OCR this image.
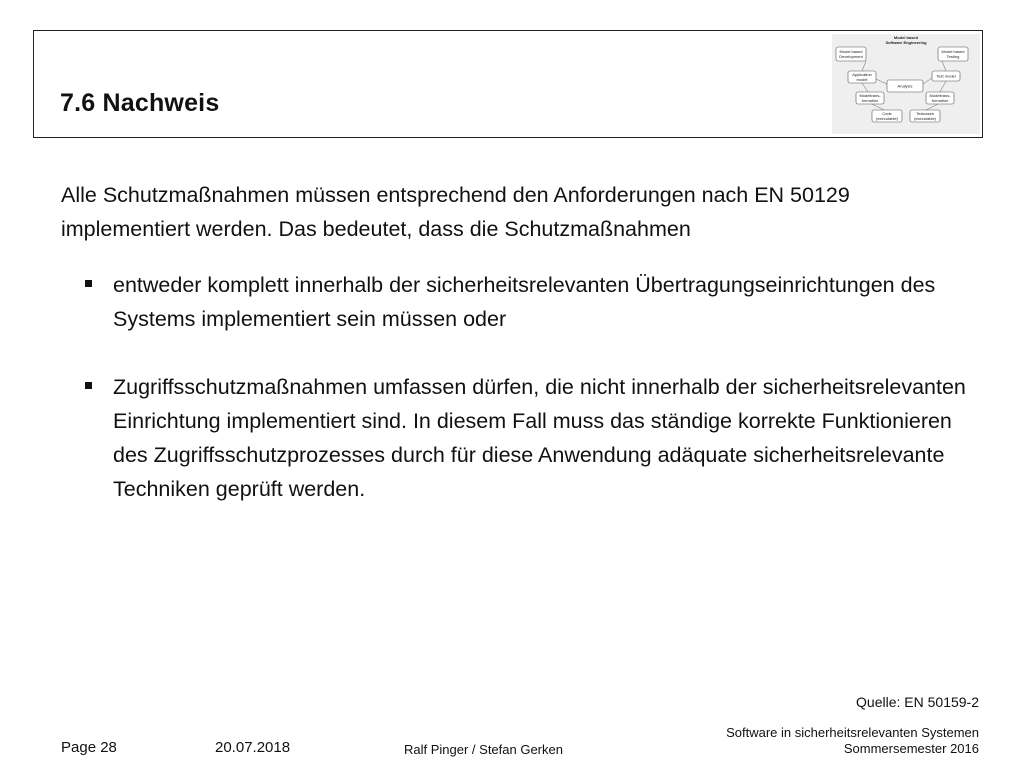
7.6 Nachweis
Model based
Software Engineering
Model based
Development
Model based
Testing
Application
model
Test model
Analysis
Modeltrans-
formation
Modeltrans-
formation
Code
(executable)
Testcases
(executable)

Alle Schutzmaßnahmen müssen entsprechend den Anforderungen nach EN 50129 implementiert werden. Das bedeutet, dass die Schutzmaßnahmen

entweder komplett innerhalb der sicherheitsrelevanten Übertragungseinrichtungen des Systems implementiert sein müssen oder
Zugriffsschutzmaßnahmen umfassen dürfen, die nicht innerhalb der sicherheitsrelevanten Einrichtung implementiert sind. In diesem Fall muss das ständige korrekte Funktionieren des Zugriffsschutzprozesses durch für diese Anwendung adäquate sicherheitsrelevante Techniken geprüft werden.
Quelle: EN 50159-2
Page 28	20.07.2018	Ralf Pinger / Stefan Gerken
Software in sicherheitsrelevanten Systemen
Sommersemester 2016
